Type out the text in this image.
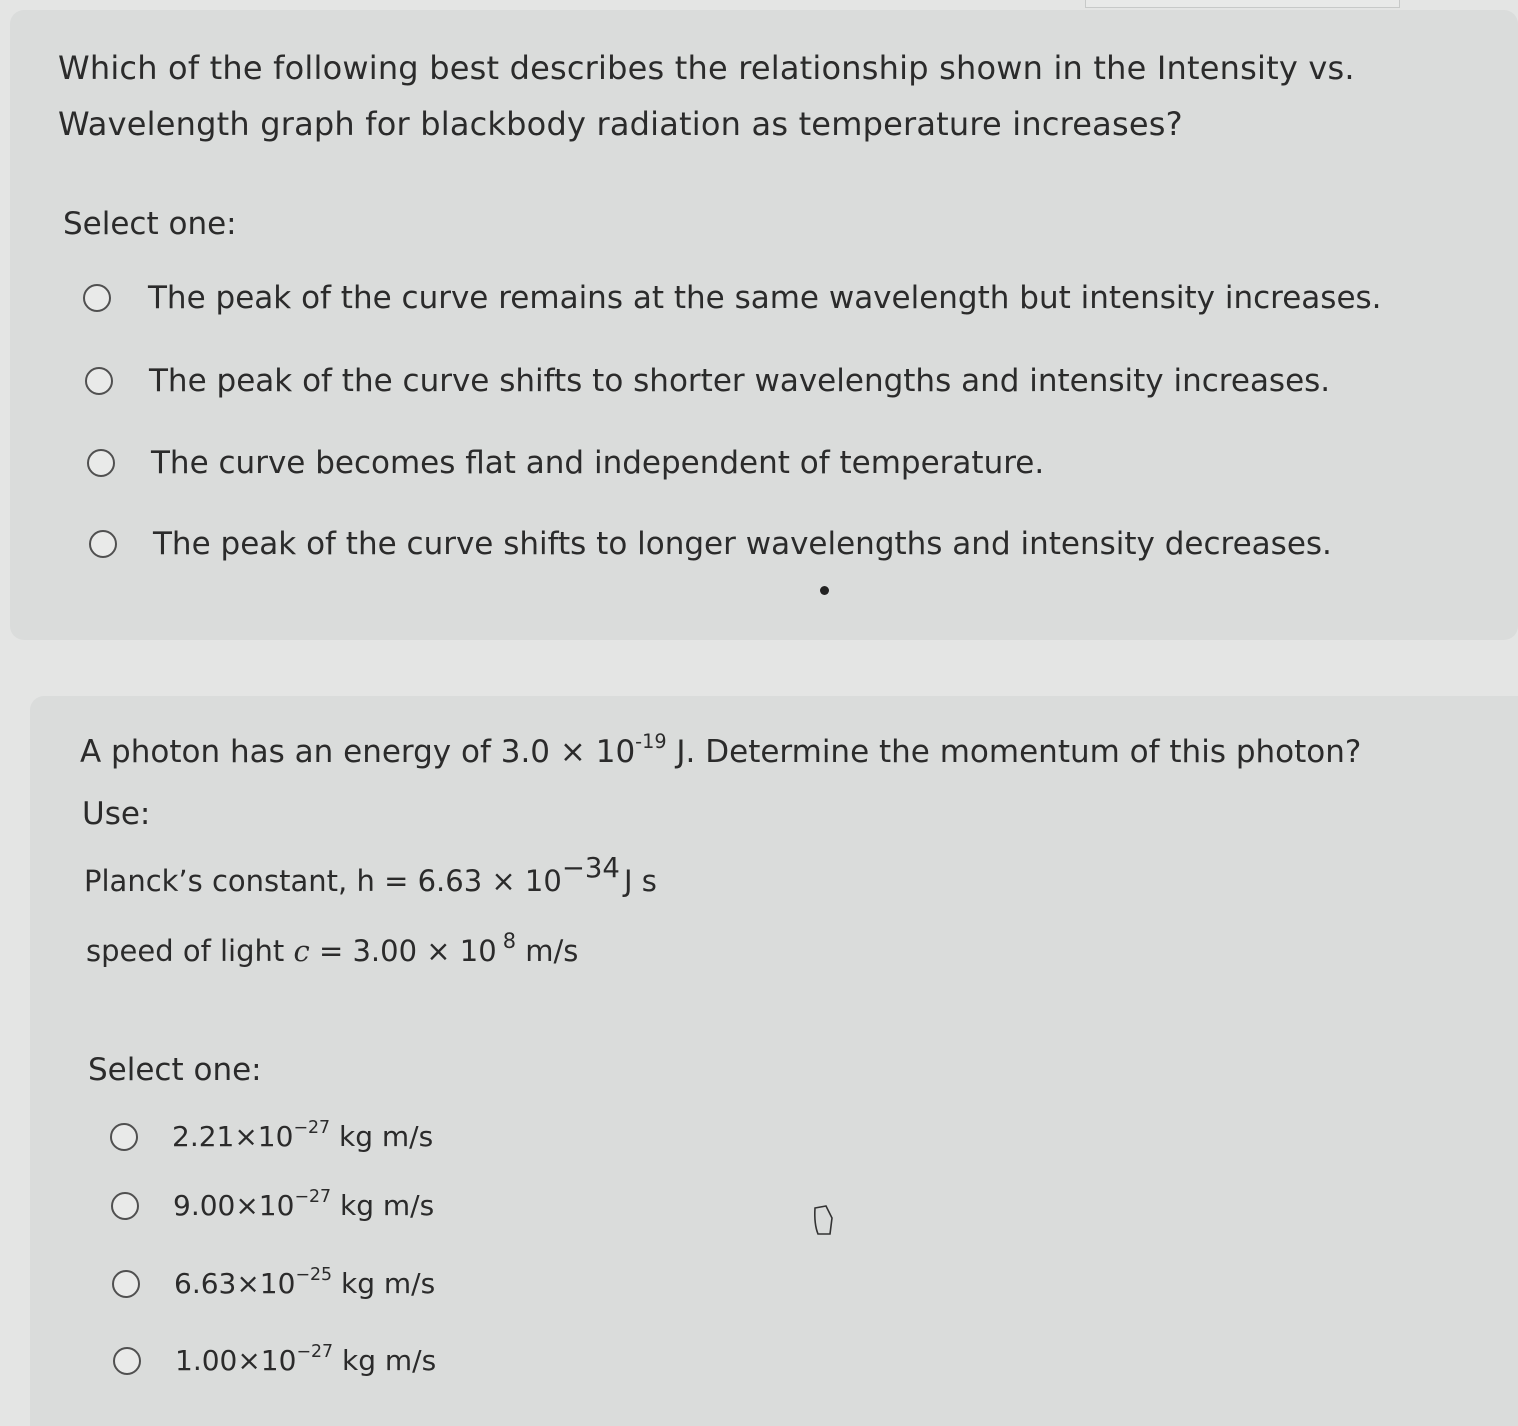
Which of the following best describes the relationship shown in the Intensity vs.
Wavelength graph for blackbody radiation as temperature increases?
Select one:
The peak of the curve remains at the same wavelength but intensity increases.
The peak of the curve shifts to shorter wavelengths and intensity increases.
The curve becomes flat and independent of temperature.
The peak of the curve shifts to longer wavelengths and intensity decreases.
A photon has an energy of $3.0 \times 10^{-19}$ J. Determine the momentum of this photon?
Use:
Planck’s constant, h = 6.63 × 10−34 J s
speed of light c = 3.00 × 10 $^8$ m/s
Select one:
$2.21\times 10^{-27}$ kg m/s
$9.00\times 10^{-27}$ kg m/s
$6.63\times 10^{-25}$ kg m/s
$1.00\times 10^{-27}$ kg m/s
